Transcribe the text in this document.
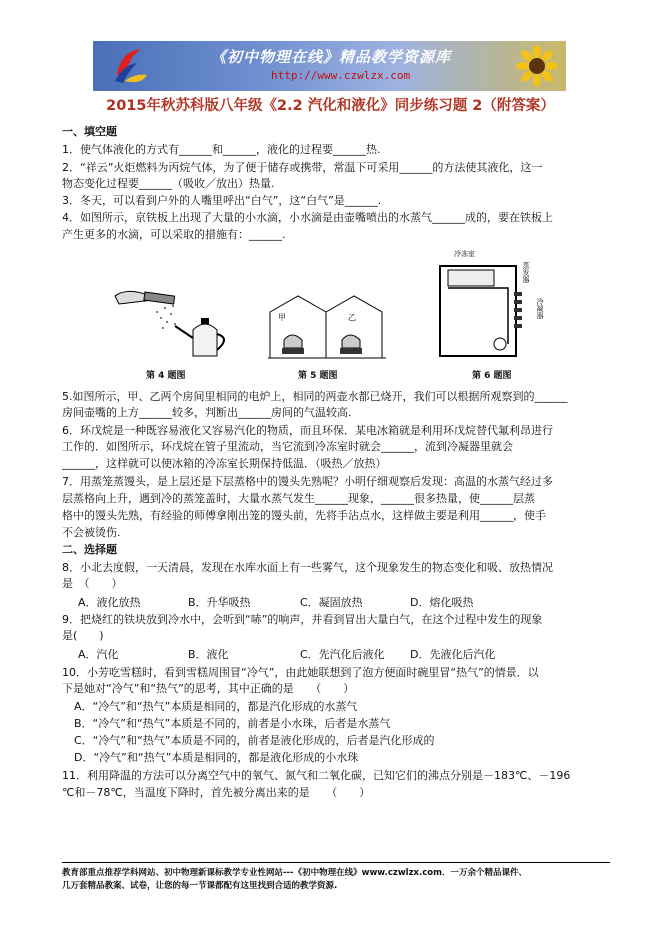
《初中物理在线》精品教学资源库
http://www.czwlzx.com
2015年秋苏科版八年级《2.2 汽化和液化》同步练习题 2（附答案）
一、填空题
1．使气体液化的方式有______和______，液化的过程要______热.
2．“祥云”火炬燃料为丙烷气体，为了便于储存或携带，常温下可采用______的方法使其液化，这一
物态变化过程要______（吸收／放出）热量.
3．冬天，可以看到户外的人嘴里呼出“白气”，这“白气”是______.
4．如图所示，京铁板上出现了大量的小水滴，小水滴是由壶嘴喷出的水蒸气______成的，要在铁板上
产生更多的水滴，可以采取的措施有：______.
第 4 题图
甲	乙
第 5 题图
冷冻室
蒸发器
冷凝器
第 6 题图
5.如图所示，甲、乙两个房间里相同的电炉上，相同的两壶水都已烧开，我们可以根据所观察到的______
房间壶嘴的上方______较多，判断出______房间的气温较高.
6．环戊烷是一种既容易液化又容易汽化的物质，而且环保．某电冰箱就是利用环戊烷替代氟利昂进行
工作的．如图所示，环戊烷在管子里流动，当它流到冷冻室时就会______，流到冷凝器里就会
______，这样就可以使冰箱的冷冻室长期保持低温．（吸热／放热）
7．用蒸笼蒸馒头，是上层还是下层蒸格中的馒头先熟呢？小明仔细观察后发现：高温的水蒸气经过多
层蒸格向上升，遇到冷的蒸笼盖时，大量水蒸气发生______现象，______很多热量，使______层蒸
格中的馒头先熟，有经验的师傅拿刚出笼的馒头前，先将手沾点水，这样做主要是利用______，使手
不会被烫伤.
二、选择题
8．小北去度假，一天清晨，发现在水库水面上有一些雾气，这个现象发生的物态变化和吸、放热情况
是　（　　）
A．液化放热	B．升华吸热	C．凝固放热	D．熔化吸热
9．把烧红的铁块放到冷水中，会听到“哧”的响声，并看到冒出大量白气，在这个过程中发生的现象
是(　　)
A．汽化	B．液化	C．先汽化后液化 D．先液化后汽化
10．小芳吃雪糕时，看到雪糕周围冒“冷气”，由此她联想到了泡方便面时碗里冒“热气”的情景．以
下是她对“冷气”和“热气”的思考，其中正确的是　　（　　）
A．“冷气”和“热气”本质是相同的，都是汽化形成的水蒸气
B．“冷气”和“热气”本质是不同的，前者是小水珠，后者是水蒸气
C．“冷气”和“热气”本质是不同的，前者是液化形成的，后者是汽化形成的
D．“冷气”和“热气”本质是相同的，都是液化形成的小水珠
11．利用降温的方法可以分离空气中的氧气、氮气和二氧化碳，已知它们的沸点分别是－183℃、－196
℃和－78℃，当温度下降时，首先被分离出来的是　　（　　）
教育部重点推荐学科网站、初中物理新课标教学专业性网站---《初中物理在线》www.czwlzx.com．一万余个精品课件、
几万套精品教案、试卷，让您的每一节课都配有这里找到合适的教学资源.
